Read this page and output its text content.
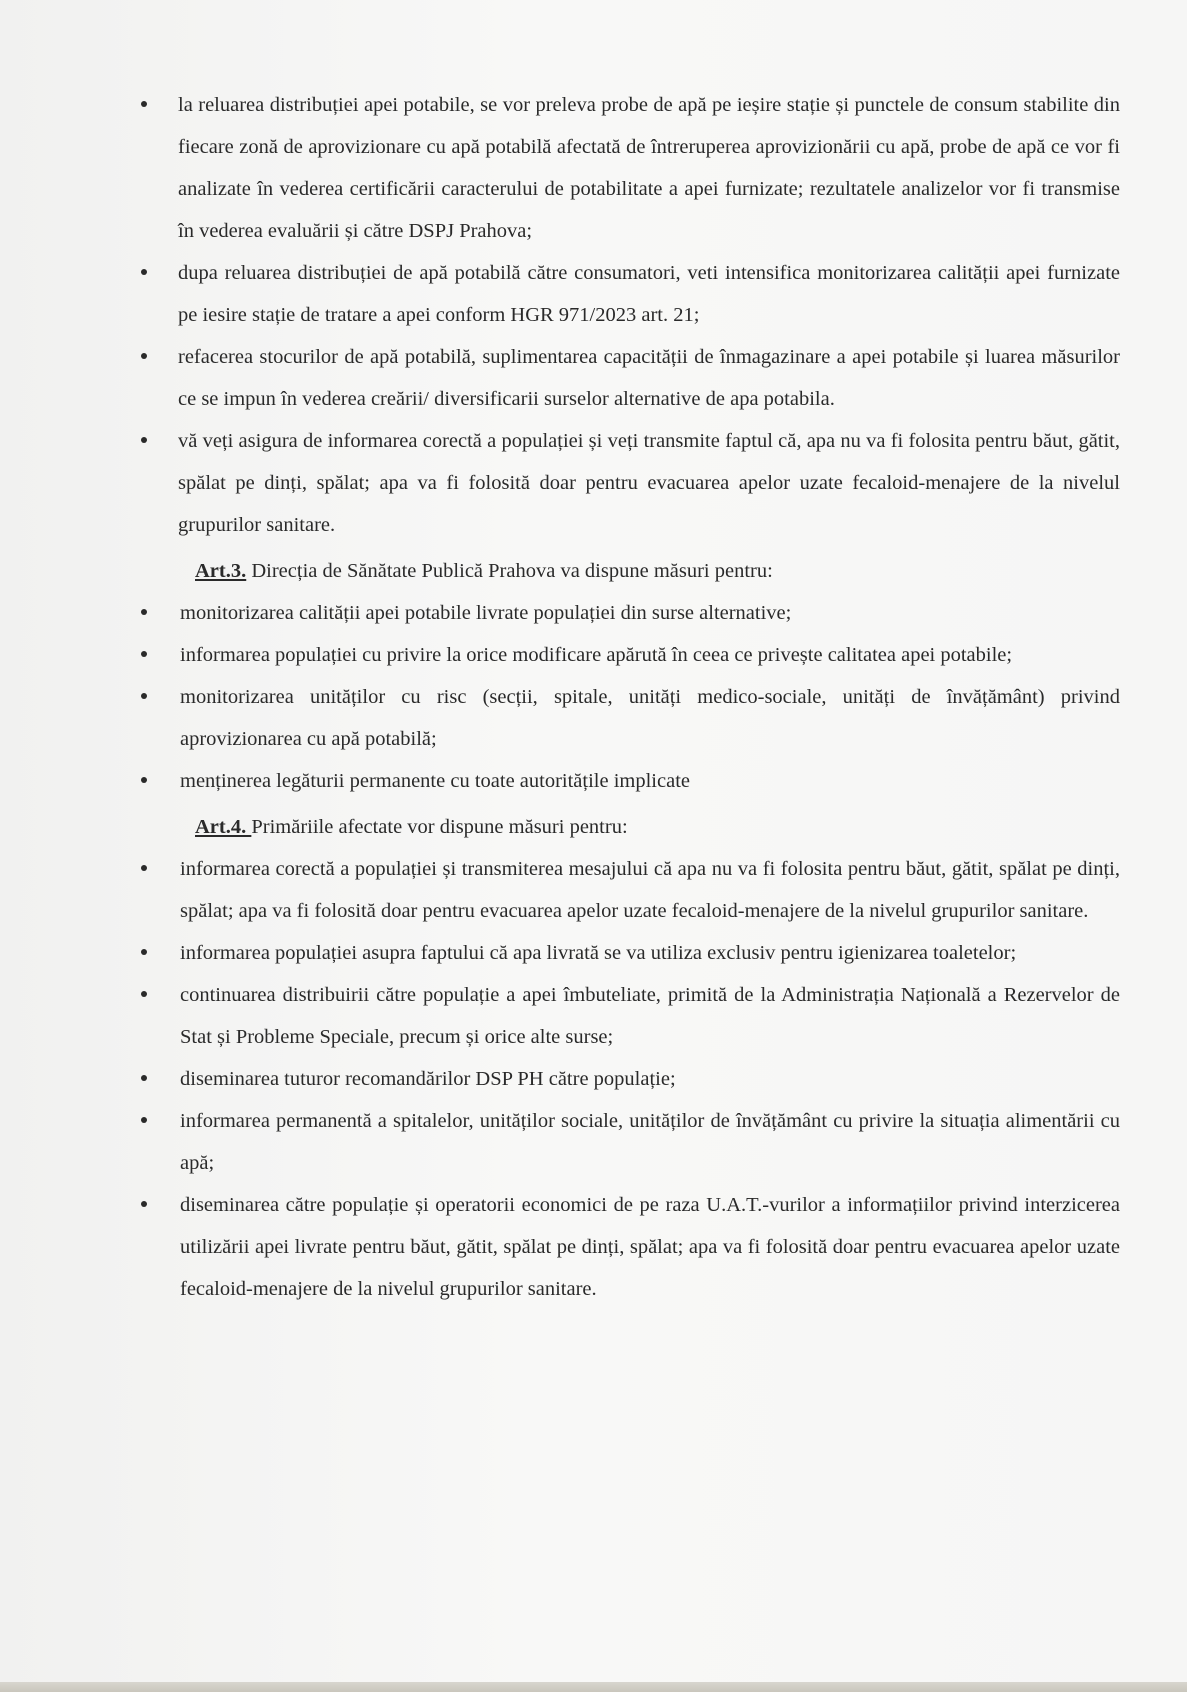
la reluarea distribuției apei potabile, se vor preleva probe de apă pe ieșire stație și punctele de consum stabilite din fiecare zonă de aprovizionare cu apă potabilă afectată de întreruperea aprovizionării cu apă, probe de apă ce vor fi analizate în vederea certificării caracterului de potabilitate a apei furnizate; rezultatele analizelor vor fi transmise în vederea evaluării și către DSPJ Prahova;
dupa reluarea distribuției de apă potabilă către consumatori, veti intensifica monitorizarea calității apei furnizate pe iesire stație de tratare a apei conform HGR 971/2023 art. 21;
refacerea stocurilor de apă potabilă, suplimentarea capacității de înmagazinare a apei potabile și luarea măsurilor ce se impun în vederea creării/ diversificarii surselor alternative de apa potabila.
vă veți asigura de informarea corectă a populației și veți transmite faptul că, apa nu va fi folosita pentru băut, gătit, spălat pe dinți, spălat; apa va fi folosită doar pentru evacuarea apelor uzate fecaloid-menajere de la nivelul grupurilor sanitare.

Art.3. Direcția de Sănătate Publică Prahova va dispune măsuri pentru:

monitorizarea calității apei potabile livrate populației din surse alternative;
informarea populației cu privire la orice modificare apărută în ceea ce privește calitatea apei potabile;
monitorizarea unităților cu risc (secții, spitale, unități medico-sociale, unități de învățământ) privind aprovizionarea cu apă potabilă;
menținerea legăturii permanente cu toate autoritățile implicate

Art.4. Primăriile afectate vor dispune măsuri pentru:

informarea corectă a populației și transmiterea mesajului că apa nu va fi folosita pentru băut, gătit, spălat pe dinți, spălat; apa va fi folosită doar pentru evacuarea apelor uzate fecaloid-menajere de la nivelul grupurilor sanitare.
informarea populației asupra faptului că apa livrată se va utiliza exclusiv pentru igienizarea toaletelor;
continuarea distribuirii către populație a apei îmbuteliate, primită de la Administrația Națională a Rezervelor de Stat și Probleme Speciale, precum și orice alte surse;
diseminarea tuturor recomandărilor DSP PH către populație;
informarea permanentă a spitalelor, unităților sociale, unităților de învățământ cu privire la situația alimentării cu apă;
diseminarea către populație și operatorii economici de pe raza U.A.T.-vurilor a informațiilor privind interzicerea utilizării apei livrate pentru băut, gătit, spălat pe dinți, spălat; apa va fi folosită doar pentru evacuarea apelor uzate fecaloid-menajere de la nivelul grupurilor sanitare.
